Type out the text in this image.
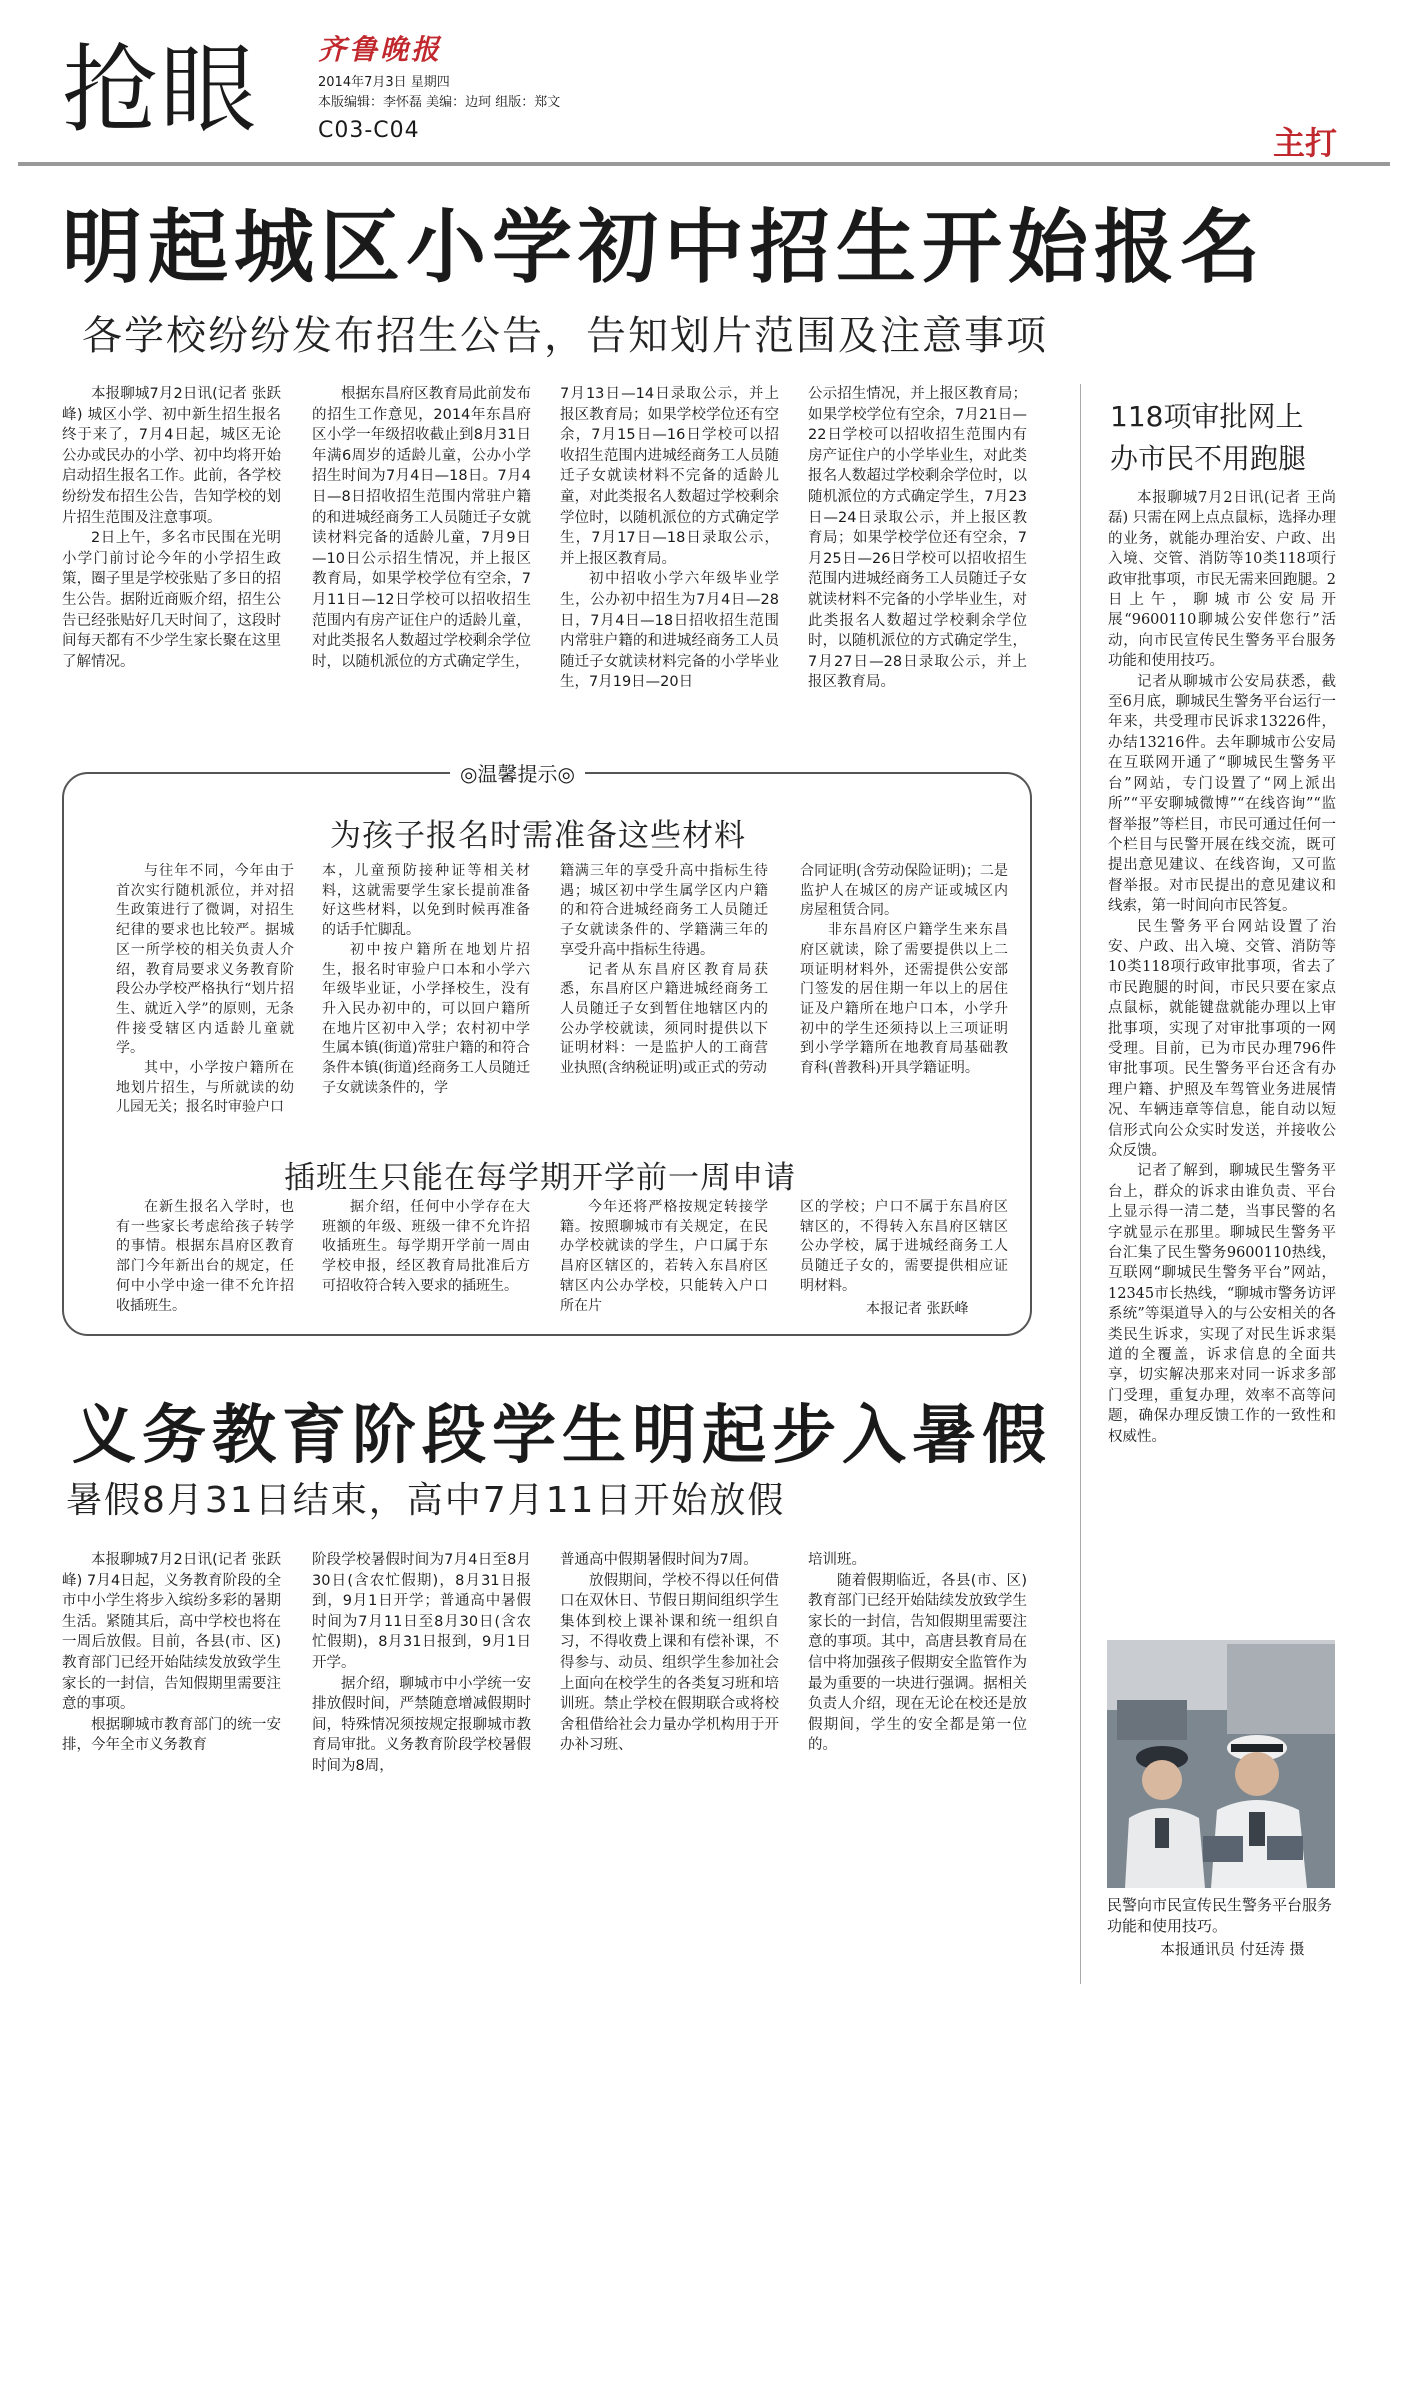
抢眼 齐鲁晚报
2014年7月3日 星期四
本版编辑：李怀磊 美编：边珂 组版：郑文
C03-C04	主打
明起城区小学初中招生开始报名
各学校纷纷发布招生公告，告知划片范围及注意事项

本报聊城7月2日讯(记者 张跃峰) 城区小学、初中新生招生报名终于来了，7月4日起，城区无论公办或民办的小学、初中均将开始启动招生报名工作。此前，各学校纷纷发布招生公告，告知学校的划片招生范围及注意事项。

2日上午，多名市民围在光明小学门前讨论今年的小学招生政策，圈子里是学校张贴了多日的招生公告。据附近商贩介绍，招生公告已经张贴好几天时间了，这段时间每天都有不少学生家长聚在这里了解情况。

根据东昌府区教育局此前发布的招生工作意见，2014年东昌府区小学一年级招收截止到8月31日年满6周岁的适龄儿童，公办小学招生时间为7月4日—18日。7月4日—8日招收招生范围内常驻户籍的和进城经商务工人员随迁子女就读材料完备的适龄儿童，7月9日—10日公示招生情况，并上报区教育局，如果学校学位有空余，7月11日—12日学校可以招收招生范围内有房产证住户的适龄儿童，对此类报名人数超过学校剩余学位时，以随机派位的方式确定学生，

7月13日—14日录取公示，并上报区教育局；如果学校学位还有空余，7月15日—16日学校可以招收招生范围内进城经商务工人员随迁子女就读材料不完备的适龄儿童，对此类报名人数超过学校剩余学位时，以随机派位的方式确定学生，7月17日—18日录取公示，并上报区教育局。

初中招收小学六年级毕业学生，公办初中招生为7月4日—28日，7月4日—18日招收招生范围内常驻户籍的和进城经商务工人员随迁子女就读材料完备的小学毕业生，7月19日—20日

公示招生情况，并上报区教育局；如果学校学位有空余，7月21日—22日学校可以招收招生范围内有房产证住户的小学毕业生，对此类报名人数超过学校剩余学位时，以随机派位的方式确定学生，7月23日—24日录取公示，并上报区教育局；如果学校学位还有空余，7月25日—26日学校可以招收招生范围内进城经商务工人员随迁子女就读材料不完备的小学毕业生，对此类报名人数超过学校剩余学位时，以随机派位的方式确定学生，7月27日—28日录取公示，并上报区教育局。

◎温馨提示◎
为孩子报名时需准备这些材料

与往年不同，今年由于首次实行随机派位，并对招生政策进行了微调，对招生纪律的要求也比较严。据城区一所学校的相关负责人介绍，教育局要求义务教育阶段公办学校严格执行“划片招生、就近入学”的原则，无条件接受辖区内适龄儿童就学。

其中，小学按户籍所在地划片招生，与所就读的幼儿园无关；报名时审验户口

本，儿童预防接种证等相关材料，这就需要学生家长提前准备好这些材料，以免到时候再准备的话手忙脚乱。

初中按户籍所在地划片招生，报名时审验户口本和小学六年级毕业证，小学择校生，没有升入民办初中的，可以回户籍所在地片区初中入学；农村初中学生属本镇(街道)常驻户籍的和符合条件本镇(街道)经商务工人员随迁子女就读条件的，学

籍满三年的享受升高中指标生待遇；城区初中学生属学区内户籍的和符合进城经商务工人员随迁子女就读条件的、学籍满三年的享受升高中指标生待遇。

记者从东昌府区教育局获悉，东昌府区户籍进城经商务工人员随迁子女到暂住地辖区内的公办学校就读，须同时提供以下证明材料：一是监护人的工商营业执照(含纳税证明)或正式的劳动

合同证明(含劳动保险证明)；二是监护人在城区的房产证或城区内房屋租赁合同。

非东昌府区户籍学生来东昌府区就读，除了需要提供以上二项证明材料外，还需提供公安部门签发的居住期一年以上的居住证及户籍所在地户口本，小学升初中的学生还须持以上三项证明到小学学籍所在地教育局基础教育科(普教科)开具学籍证明。

插班生只能在每学期开学前一周申请

在新生报名入学时，也有一些家长考虑给孩子转学的事情。根据东昌府区教育部门今年新出台的规定，任何中小学中途一律不允许招收插班生。

据介绍，任何中小学存在大班额的年级、班级一律不允许招收插班生。每学期开学前一周由学校申报，经区教育局批准后方可招收符合转入要求的插班生。

今年还将严格按规定转接学籍。按照聊城市有关规定，在民办学校就读的学生，户口属于东昌府区辖区的，若转入东昌府区辖区内公办学校，只能转入户口所在片

区的学校；户口不属于东昌府区辖区的，不得转入东昌府区辖区公办学校，属于进城经商务工人员随迁子女的，需要提供相应证明材料。

本报记者 张跃峰
义务教育阶段学生明起步入暑假
暑假8月31日结束，高中7月11日开始放假

本报聊城7月2日讯(记者 张跃峰) 7月4日起，义务教育阶段的全市中小学生将步入缤纷多彩的暑期生活。紧随其后，高中学校也将在一周后放假。目前，各县(市、区)教育部门已经开始陆续发放致学生家长的一封信，告知假期里需要注意的事项。

根据聊城市教育部门的统一安排，今年全市义务教育

阶段学校暑假时间为7月4日至8月30日(含农忙假期)，8月31日报到，9月1日开学；普通高中暑假时间为7月11日至8月30日(含农忙假期)，8月31日报到，9月1日开学。

据介绍，聊城市中小学统一安排放假时间，严禁随意增减假期时间，特殊情况须按规定报聊城市教育局审批。义务教育阶段学校暑假时间为8周，

普通高中假期暑假时间为7周。

放假期间，学校不得以任何借口在双休日、节假日期间组织学生集体到校上课补课和统一组织自习，不得收费上课和有偿补课，不得参与、动员、组织学生参加社会上面向在校学生的各类复习班和培训班。禁止学校在假期联合或将校舍租借给社会力量办学机构用于开办补习班、

培训班。

随着假期临近，各县(市、区)教育部门已经开始陆续发放致学生家长的一封信，告知假期里需要注意的事项。其中，高唐县教育局在信中将加强孩子假期安全监管作为最为重要的一块进行强调。据相关负责人介绍，现在无论在校还是放假期间，学生的安全都是第一位的。

118项审批网上办市民不用跑腿

本报聊城7月2日讯(记者 王尚磊) 只需在网上点点鼠标，选择办理的业务，就能办理治安、户政、出入境、交管、消防等10类118项行政审批事项，市民无需来回跑腿。2日上午，聊城市公安局开展“9600110聊城公安伴您行”活动，向市民宣传民生警务平台服务功能和使用技巧。

记者从聊城市公安局获悉，截至6月底，聊城民生警务平台运行一年来，共受理市民诉求13226件，办结13216件。去年聊城市公安局在互联网开通了“聊城民生警务平台”网站，专门设置了“网上派出所”“平安聊城微博”“在线咨询”“监督举报”等栏目，市民可通过任何一个栏目与民警开展在线交流，既可提出意见建议、在线咨询，又可监督举报。对市民提出的意见建议和线索，第一时间向市民答复。

民生警务平台网站设置了治安、户政、出入境、交管、消防等10类118项行政审批事项，省去了市民跑腿的时间，市民只要在家点点鼠标，就能键盘就能办理以上审批事项，实现了对审批事项的一网受理。目前，已为市民办理796件审批事项。民生警务平台还含有办理户籍、护照及车驾管业务进展情况、车辆违章等信息，能自动以短信形式向公众实时发送，并接收公众反馈。

记者了解到，聊城民生警务平台上，群众的诉求由谁负责、平台上显示得一清二楚，当事民警的名字就显示在那里。聊城民生警务平台汇集了民生警务9600110热线，互联网“聊城民生警务平台”网站，12345市长热线，“聊城市警务访评系统”等渠道导入的与公安相关的各类民生诉求，实现了对民生诉求渠道的全覆盖，诉求信息的全面共享，切实解决那来对同一诉求多部门受理，重复办理，效率不高等问题，确保办理反馈工作的一致性和权威性。

民警向市民宣传民生警务平台服务功能和使用技巧。
本报通讯员 付廷涛 摄
